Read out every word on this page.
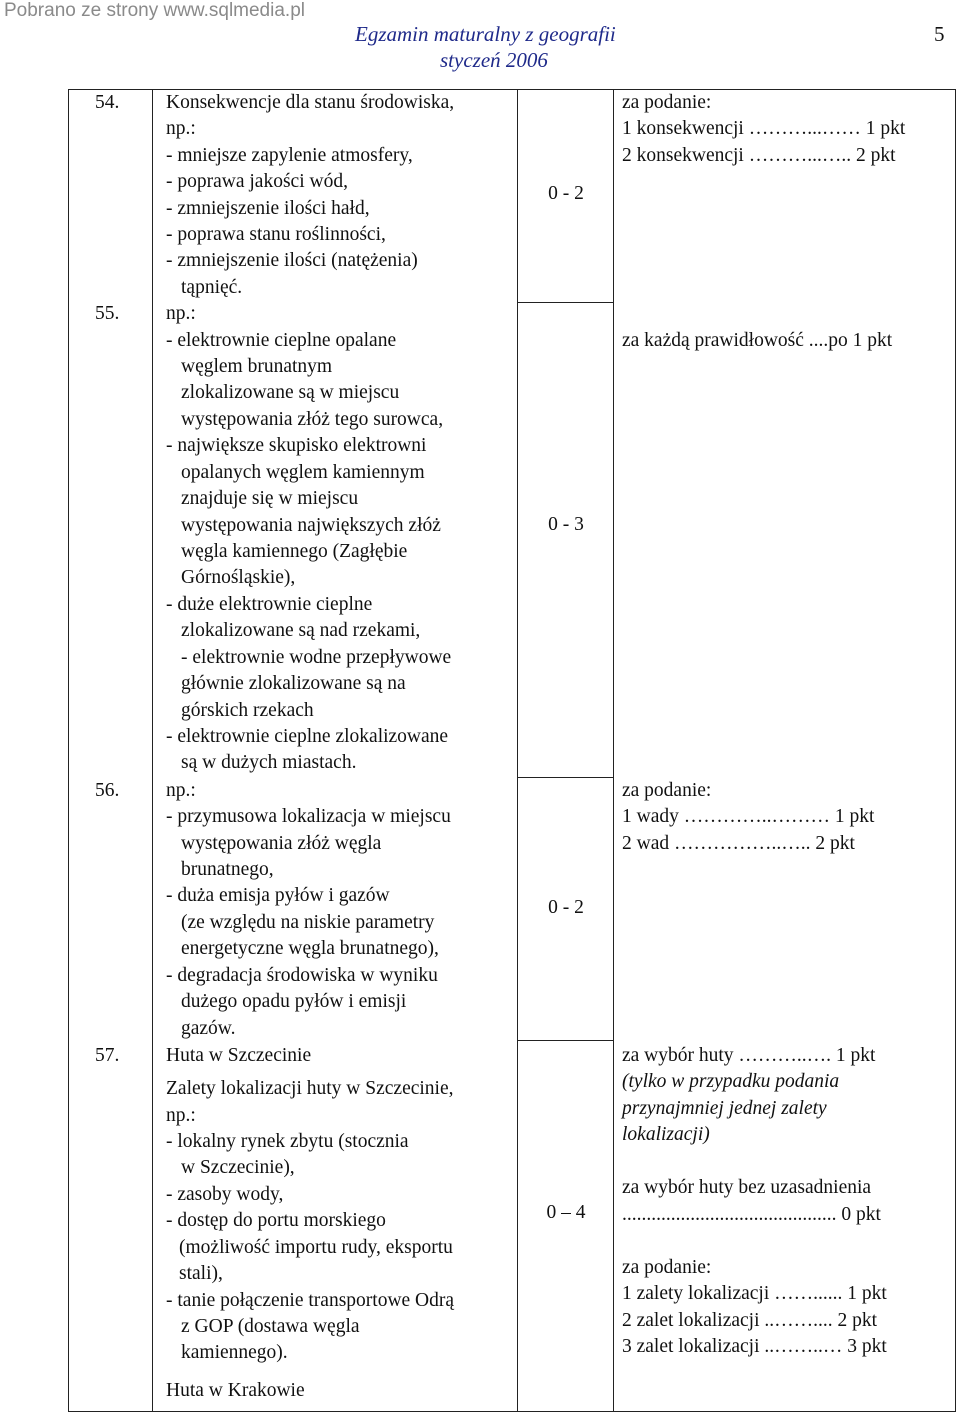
Pobrano ze strony www.sqlmedia.pl
Egzamin maturalny z geografii
styczeń 2006
5
54. Konsekwencje dla stanu środowiska,
np.:
- mniejsze zapylenie atmosfery,
- poprawa jakości wód,
- zmniejszenie ilości hałd,
- poprawa stanu roślinności,
- zmniejszenie ilości (natężenia)
tąpnięć.
0 - 2
za podanie:
1 konsekwencji ………...…… 1 pkt
2 konsekwencji ………...….. 2 pkt
55. np.:
- elektrownie cieplne opalane
węglem brunatnym
zlokalizowane są w miejscu
występowania złóż tego surowca,
- największe skupisko elektrowni
opalanych węglem kamiennym
znajduje się w miejscu
występowania największych złóż
węgla kamiennego (Zagłębie
Górnośląskie),
- duże elektrownie cieplne
zlokalizowane są nad rzekami,
- elektrownie wodne przepływowe
głównie zlokalizowane są na
górskich rzekach
- elektrownie cieplne zlokalizowane
są w dużych miastach.
0 - 3
za każdą prawidłowość ....po 1 pkt
56. np.:
- przymusowa lokalizacja w miejscu
występowania złóż węgla
brunatnego,
- duża emisja pyłów i gazów
(ze względu na niskie parametry
energetyczne węgla brunatnego),
- degradacja środowiska w wyniku
dużego opadu pyłów i emisji
gazów.
0 - 2
za podanie:
1 wady …………..……… 1 pkt
2 wad ……………..….. 2 pkt
57. Huta w Szczecinie
Zalety lokalizacji huty w Szczecinie,
np.:
- lokalny rynek zbytu (stocznia
w Szczecinie),
- zasoby wody,
- dostęp do portu morskiego
(możliwość importu rudy, eksportu
stali),
- tanie połączenie transportowe Odrą
z GOP (dostawa węgla
kamiennego).
Huta w Krakowie
0 – 4
za wybór huty ………..…. 1 pkt
(tylko w przypadku podania
przynajmniej jednej zalety
lokalizacji)
za wybór huty bez uzasadnienia
............................................ 0 pkt
za podanie:
1 zalety lokalizacji ……...... 1 pkt
2 zalet lokalizacji ..…….... 2 pkt
3 zalet lokalizacji ..……..… 3 pkt
